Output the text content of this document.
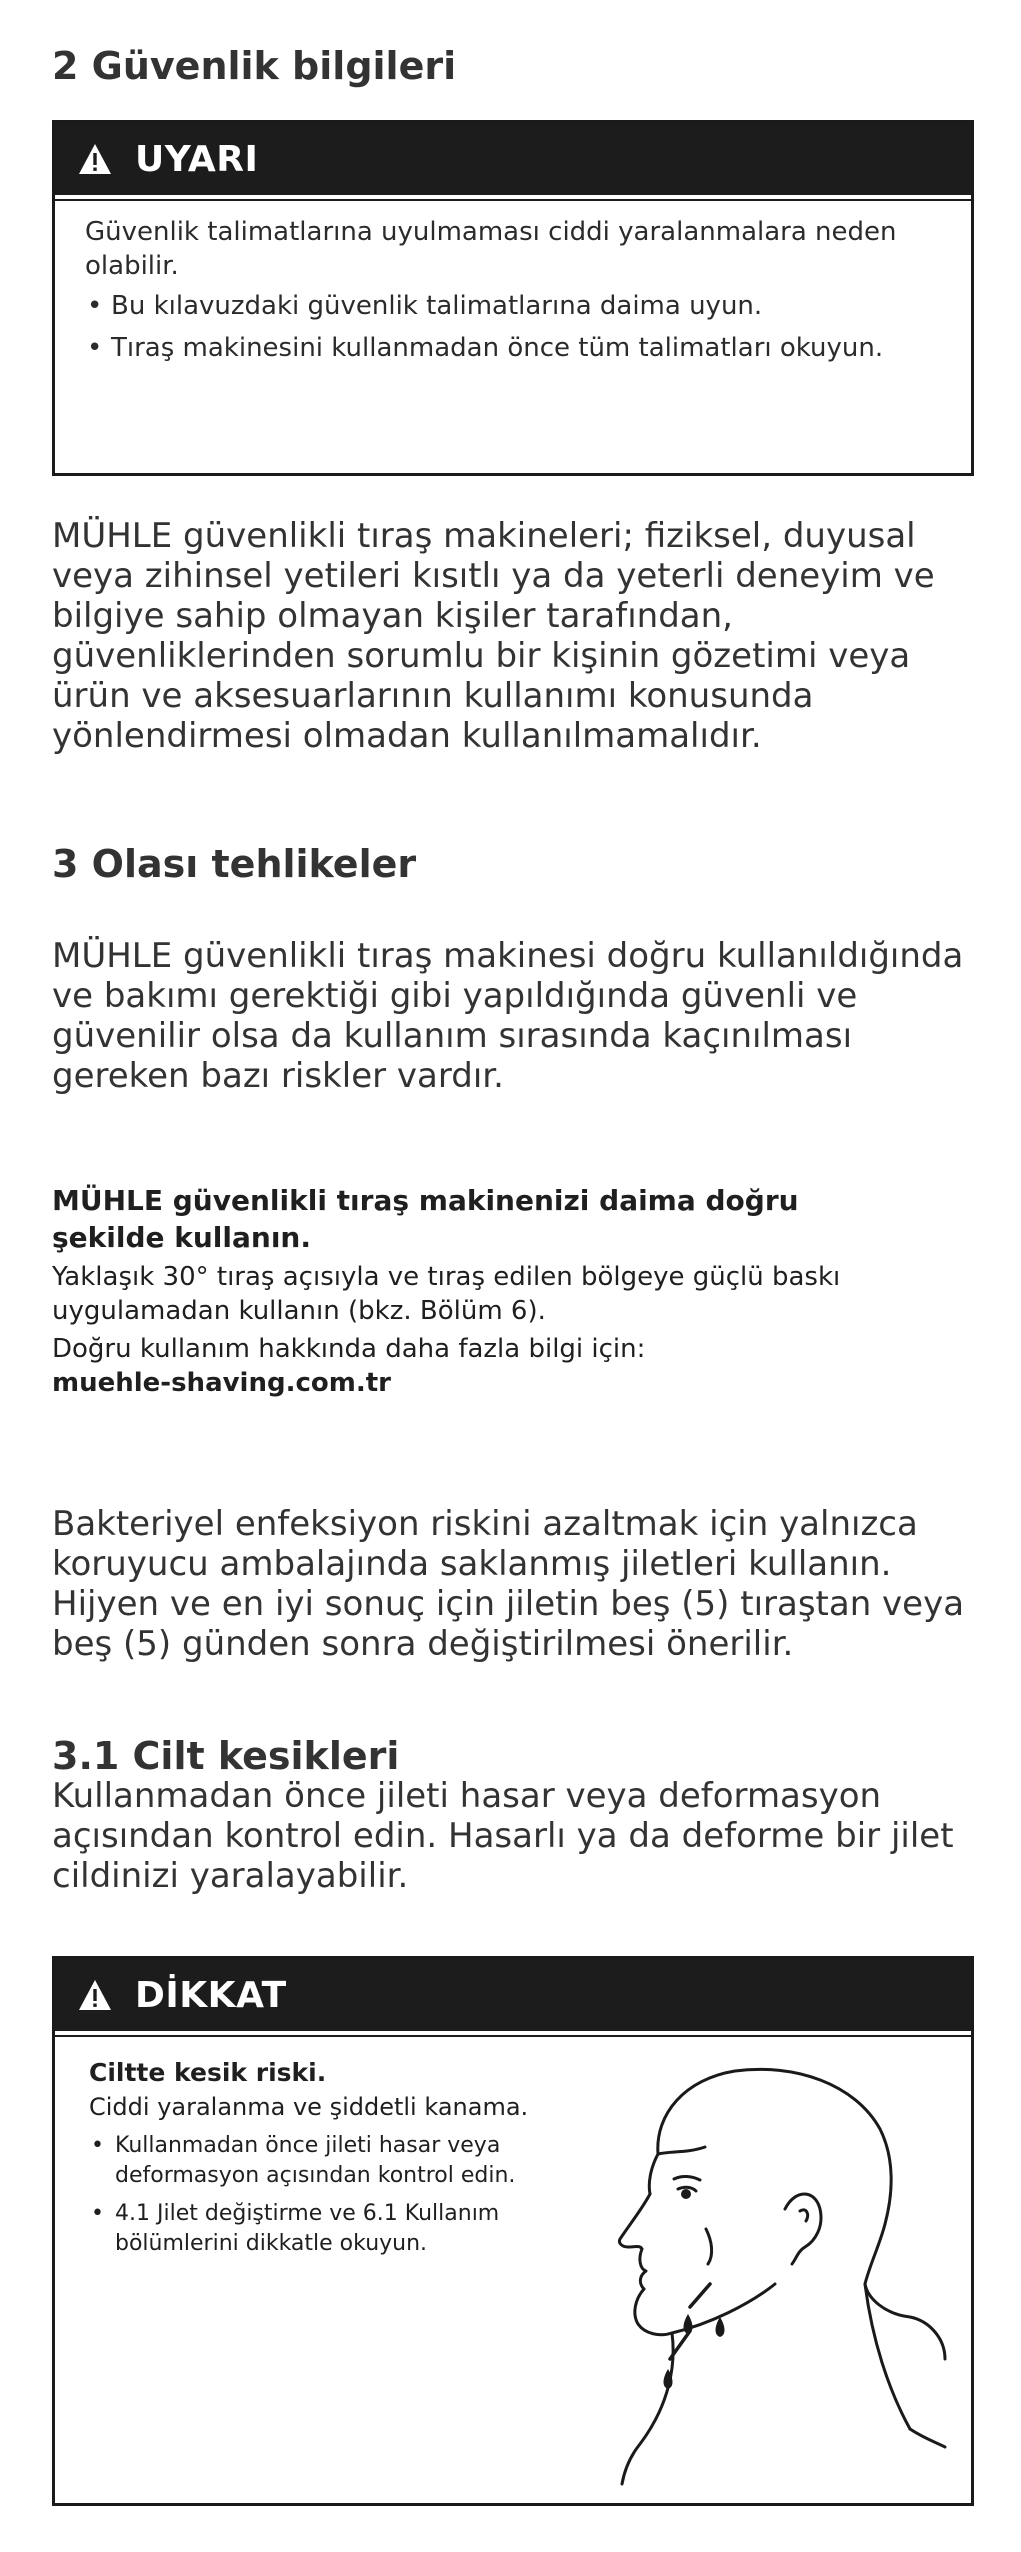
2 Güvenlik bilgileri
UYARI

Güvenlik talimatlarına uyulmaması ciddi yaralanmalara neden olabilir.

• Bu kılavuzdaki güvenlik talimatlarına daima uyun.
• Tıraş makinesini kullanmadan önce tüm talimatları okuyun.

MÜHLE güvenlikli tıraş makineleri; fiziksel, duyusal veya zihinsel yetileri kısıtlı ya da yeterli deneyim ve bilgiye sahip olmayan kişiler tarafından, güvenliklerinden sorumlu bir kişinin gözetimi veya ürün ve aksesuarlarının kullanımı konusunda yönlendirmesi olmadan kullanılmamalıdır.

3 Olası tehlikeler

MÜHLE güvenlikli tıraş makinesi doğru kullanıldığında ve bakımı gerektiği gibi yapıldığında güvenli ve güvenilir olsa da kullanım sırasında kaçınılması gereken bazı riskler vardır.

MÜHLE güvenlikli tıraş makinenizi daima doğru şekilde kullanın.
Yaklaşık 30° tıraş açısıyla ve tıraş edilen bölgeye güçlü baskı uygulamadan kullanın (bkz. Bölüm 6).
Doğru kullanım hakkında daha fazla bilgi için:
muehle-shaving.com.tr

Bakteriyel enfeksiyon riskini azaltmak için yalnızca koruyucu ambalajında saklanmış jiletleri kullanın. Hijyen ve en iyi sonuç için jiletin beş (5) tıraştan veya beş (5) günden sonra değiştirilmesi önerilir.

3.1 Cilt kesikleri

Kullanmadan önce jileti hasar veya deformasyon açısından kontrol edin. Hasarlı ya da deforme bir jilet cildinizi yaralayabilir.

DİKKAT
Ciltte kesik riski.
Ciddi yaralanma ve şiddetli kanama.
• Kullanmadan önce jileti hasar veya deformasyon açısından kontrol edin.
• 4.1 Jilet değiştirme ve 6.1 Kullanım bölümlerini dikkatle okuyun.
